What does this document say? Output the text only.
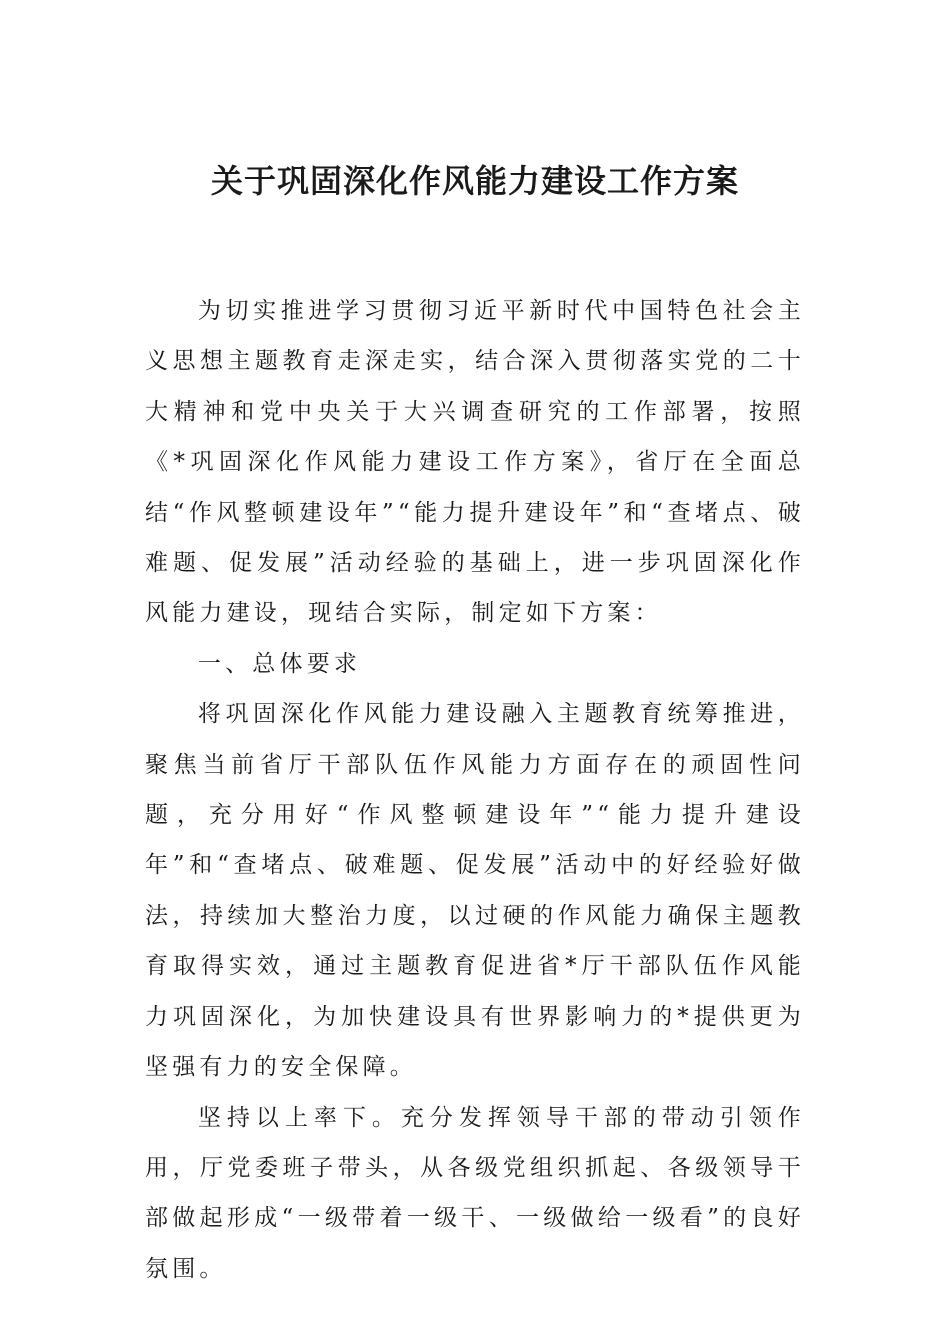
关于巩固深化作风能力建设工作方案

为切实推进学习贯彻习近平新时代中国特色社会主义思想主题教育走深走实，结合深入贯彻落实党的二十大精神和党中央关于大兴调查研究的工作部署，按照《*巩固深化作风能力建设工作方案》，省厅在全面总结“作风整顿建设年”“能力提升建设年”和“查堵点、破难题、促发展”活动经验的基础上，进一步巩固深化作风能力建设，现结合实际，制定如下方案：

一、总体要求

将巩固深化作风能力建设融入主题教育统筹推进，聚焦当前省厅干部队伍作风能力方面存在的顽固性问题，充分用好“作风整顿建设年”“能力提升建设年”和“查堵点、破难题、促发展”活动中的好经验好做法，持续加大整治力度，以过硬的作风能力确保主题教育取得实效，通过主题教育促进省*厅干部队伍作风能力巩固深化，为加快建设具有世界影响力的*提供更为坚强有力的安全保障。

坚持以上率下。充分发挥领导干部的带动引领作用，厅党委班子带头，从各级党组织抓起、各级领导干部做起形成“一级带着一级干、一级做给一级看”的良好氛围。
